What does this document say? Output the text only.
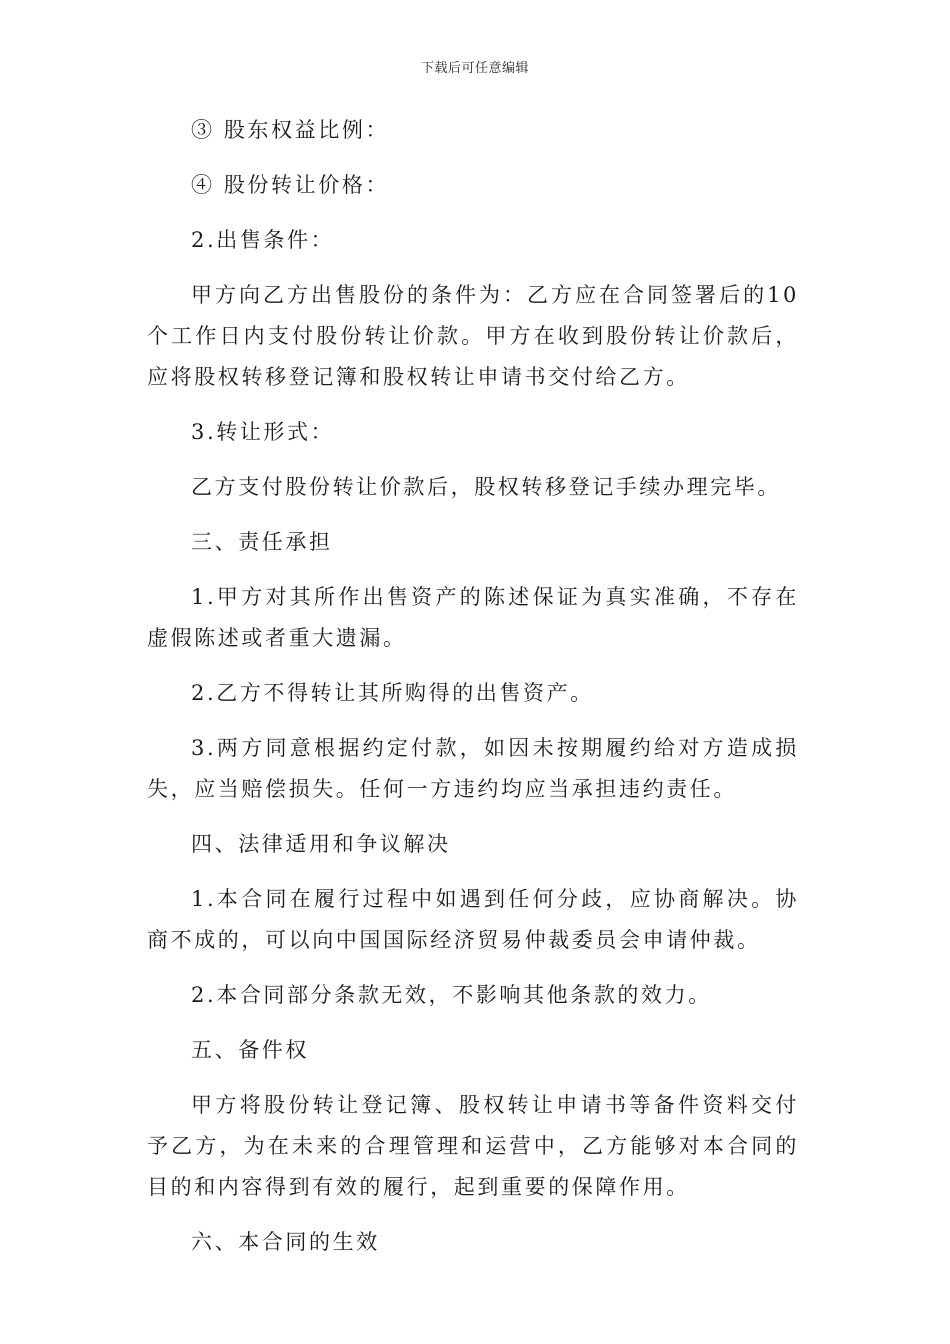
下载后可任意编辑

③ 股东权益比例：

④ 股份转让价格：

2.出售条件：

甲方向乙方出售股份的条件为：乙方应在合同签署后的10个工作日内支付股份转让价款。甲方在收到股份转让价款后，应将股权转移登记簿和股权转让申请书交付给乙方。

3.转让形式：

乙方支付股份转让价款后，股权转移登记手续办理完毕。

三、责任承担

1.甲方对其所作出售资产的陈述保证为真实准确，不存在虚假陈述或者重大遗漏。

2.乙方不得转让其所购得的出售资产。

3.两方同意根据约定付款，如因未按期履约给对方造成损失，应当赔偿损失。任何一方违约均应当承担违约责任。

四、法律适用和争议解决

1.本合同在履行过程中如遇到任何分歧，应协商解决。协商不成的，可以向中国国际经济贸易仲裁委员会申请仲裁。

2.本合同部分条款无效，不影响其他条款的效力。

五、备件权

甲方将股份转让登记簿、股权转让申请书等备件资料交付予乙方，为在未来的合理管理和运营中，乙方能够对本合同的目的和内容得到有效的履行，起到重要的保障作用。

六、本合同的生效
